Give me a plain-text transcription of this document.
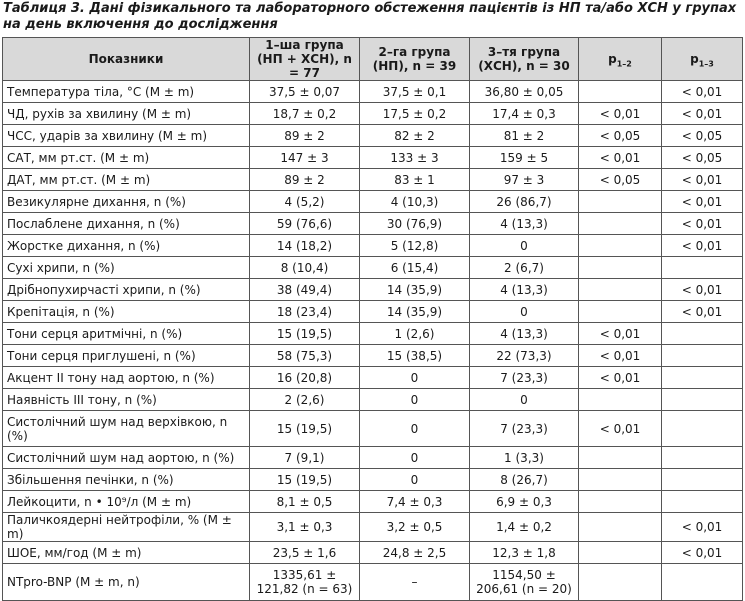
Таблиця 3. Дані фізикального та лабораторного обстеження пацієнтів із НП та/або ХСН у групах на день включення до дослідження
Показники	1–ша група (НП + ХСН), n = 77	2–га група (НП), n = 39	3–тя група (ХСН), n = 30	$p_{1-2}$	$p_{1-3}$
Температура тіла, °С (М ± m)	37,5 ± 0,07	37,5 ± 0,1	36,80 ± 0,05		< 0,01
ЧД, рухів за хвилину (М ± m)	18,7 ± 0,2	17,5 ± 0,2	17,4 ± 0,3	< 0,01	< 0,01
ЧСС, ударів за хвилину (М ± m)	89 ± 2	82 ± 2	81 ± 2	< 0,05	< 0,05
САТ, мм рт.ст. (М ± m)	147 ± 3	133 ± 3	159 ± 5	< 0,01	< 0,05
ДАТ, мм рт.ст. (М ± m)	89 ± 2	83 ± 1	97 ± 3	< 0,05	< 0,01
Везикулярне дихання, n (%)	4 (5,2)	4 (10,3)	26 (86,7)		< 0,01
Послаблене дихання, n (%)	59 (76,6)	30 (76,9)	4 (13,3)		< 0,01
Жорстке дихання, n (%)	14 (18,2)	5 (12,8)	0		< 0,01
Сухі хрипи, n (%)	8 (10,4)	6 (15,4)	2 (6,7)		
Дрібнопухирчасті хрипи, n (%)	38 (49,4)	14 (35,9)	4 (13,3)		< 0,01
Крепітація, n (%)	18 (23,4)	14 (35,9)	0		< 0,01
Тони серця аритмічні, n (%)	15 (19,5)	1 (2,6)	4 (13,3)	< 0,01	
Тони серця приглушені, n (%)	58 (75,3)	15 (38,5)	22 (73,3)	< 0,01	
Акцент II тону над аортою, n (%)	16 (20,8)	0	7 (23,3)	< 0,01	
Наявність III тону, n (%)	2 (2,6)	0	0		
Систолічний шум над верхівкою, n (%)	15 (19,5)	0	7 (23,3)	< 0,01	
Систолічний шум над аортою, n (%)	7 (9,1)	0	1 (3,3)		
Збільшення печінки, n (%)	15 (19,5)	0	8 (26,7)		
Лейкоцити, n • 10⁹/л (М ± m)	8,1 ± 0,5	7,4 ± 0,3	6,9 ± 0,3		
Паличкоядерні нейтрофіли, % (М ± m)	3,1 ± 0,3	3,2 ± 0,5	1,4 ± 0,2		< 0,01
ШОЕ, мм/год (М ± m)	23,5 ± 1,6	24,8 ± 2,5	12,3 ± 1,8		< 0,01
NTpro-BNP (М ± m, n)	1335,61 ± 121,82 (n = 63)	–	1154,50 ± 206,61 (n = 20)		
